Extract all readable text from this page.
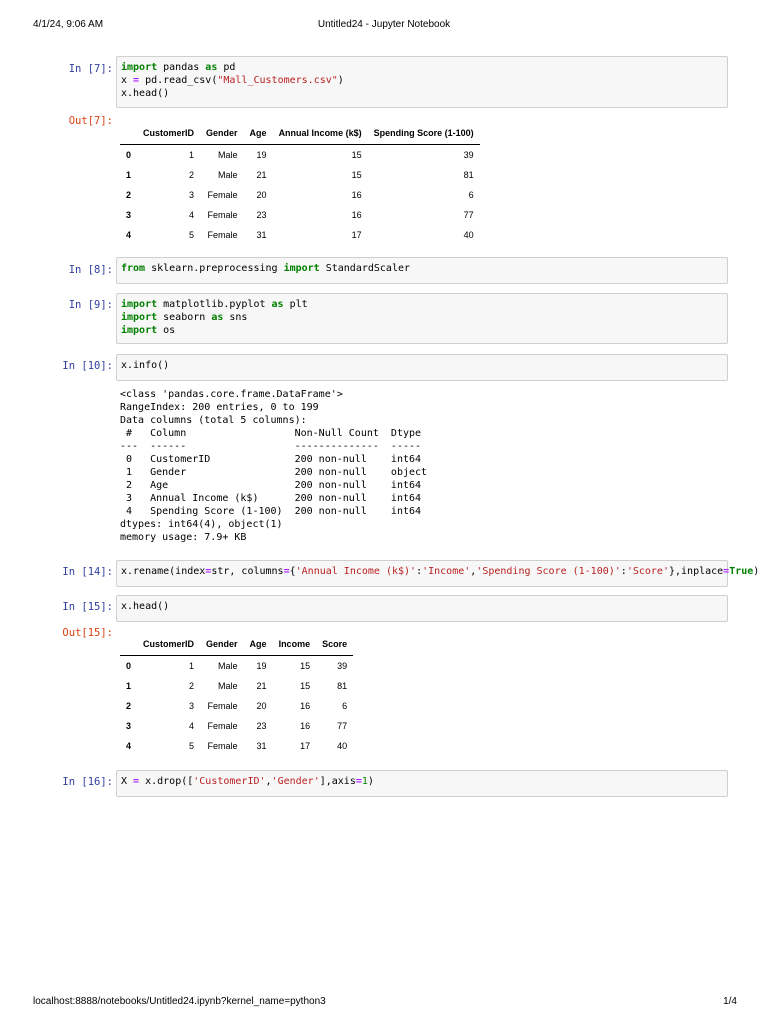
4/1/24, 9:06 AM	Untitled24 - Jupyter Notebook
In [7]: import pandas as pd
x = pd.read_csv("Mall_Customers.csv")
x.head()
Out[7]:
	CustomerID	Gender	Age	Annual Income (k$)	Spending Score (1-100)
0	1	Male	19	15	39
1	2	Male	21	15	81
2	3	Female	20	16	6
3	4	Female	23	16	77
4	5	Female	31	17	40
In [8]: from sklearn.preprocessing import StandardScaler
In [9]: import matplotlib.pyplot as plt
import seaborn as sns
import os
In [10]: x.info()
<class 'pandas.core.frame.DataFrame'>
RangeIndex: 200 entries, 0 to 199
Data columns (total 5 columns):
#   Column                  Non-Null Count  Dtype
---  ------                  --------------  -----
0   CustomerID              200 non-null    int64
1   Gender                  200 non-null    object
2   Age                     200 non-null    int64
3   Annual Income (k$)      200 non-null    int64
4   Spending Score (1-100)  200 non-null    int64
dtypes: int64(4), object(1)
memory usage: 7.9+ KB
In [14]: x.rename(index=str, columns={'Annual Income (k$)':'Income','Spending Score (1-100)':'Score'},inplace=True)
In [15]: x.head()
Out[15]:
	CustomerID	Gender	Age	Income	Score
0	1	Male	19	15	39
1	2	Male	21	15	81
2	3	Female	20	16	6
3	4	Female	23	16	77
4	5	Female	31	17	40
In [16]: X = x.drop(['CustomerID','Gender'],axis=1)
localhost:8888/notebooks/Untitled24.ipynb?kernel_name=python3	1/4
